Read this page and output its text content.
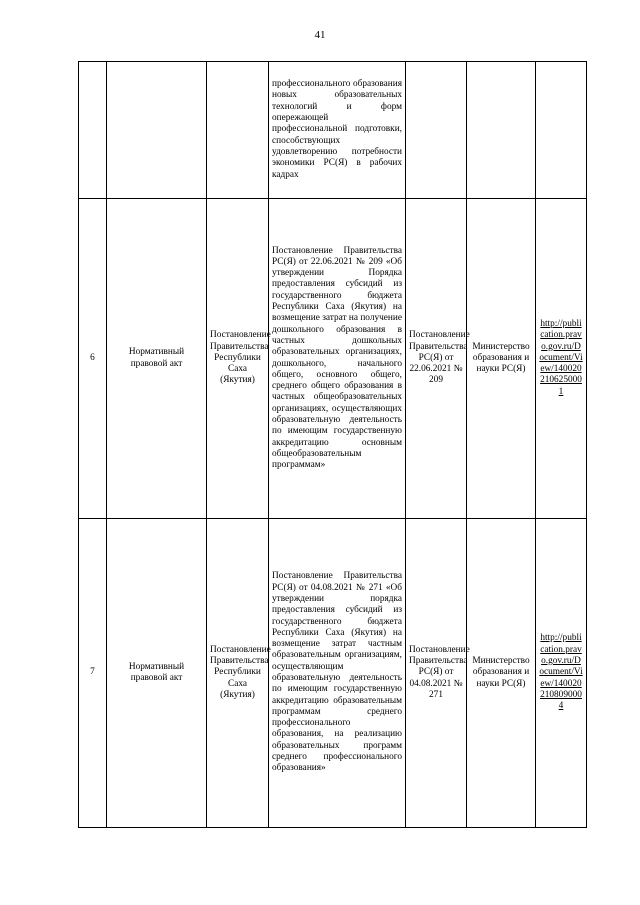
41
			профессионального образования новых образовательных технологий и форм опережающей профессиональной подготовки, способствующих удовлетворению потребности экономики РС(Я) в рабочих кадрах			
6	Нормативный правовой акт	Постановление Правительства Республики Саха (Якутия)	Постановление Правительства РС(Я) от 22.06.2021 № 209 «Об утверждении Порядка предоставления субсидий из государственного бюджета Республики Саха (Якутия) на возмещение затрат на получение дошкольного образования в частных дошкольных образовательных организациях, дошкольного, начального общего, основного общего, среднего общего образования в частных общеобразовательных организациях, осуществляющих образовательную деятельность по имеющим государственную аккредитацию основным общеобразовательным программам»	Постановление Правительства РС(Я) от 22.06.2021 № 209	Министерство образования и науки РС(Я)	http://publication.pravo.gov.ru/Document/View/1400202106250001
7	Нормативный правовой акт	Постановление Правительства Республики Саха (Якутия)	Постановление Правительства РС(Я) от 04.08.2021 № 271 «Об утверждении порядка предоставления субсидий из государственного бюджета Республики Саха (Якутия) на возмещение затрат частным образовательным организациям, осуществляющим образовательную деятельность по имеющим государственную аккредитацию образовательным программам среднего профессионального образования, на реализацию образовательных программ среднего профессионального образования»	Постановление Правительства РС(Я) от 04.08.2021 № 271	Министерство образования и науки РС(Я)	http://publication.pravo.gov.ru/Document/View/1400202108090004
